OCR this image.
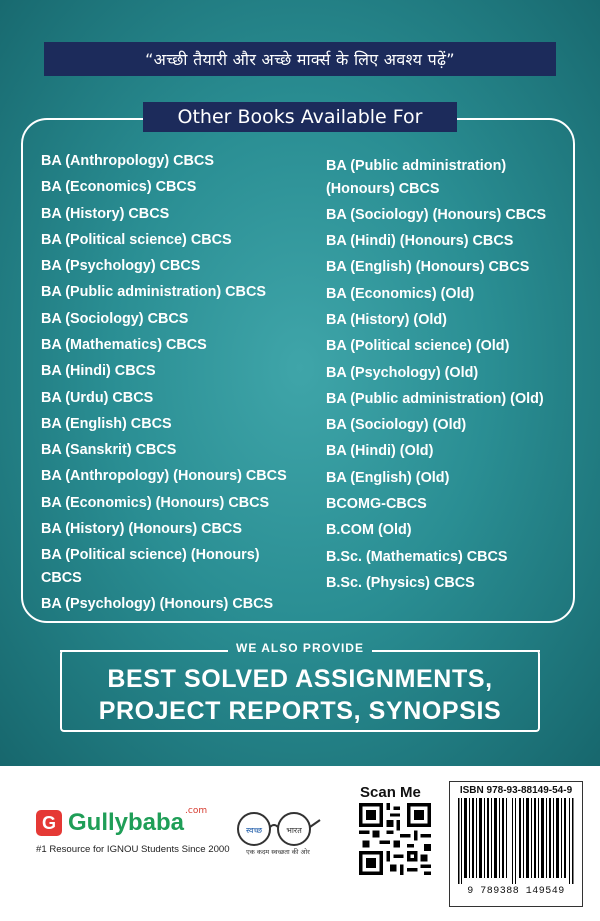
“अच्छी तैयारी और अच्छे मार्क्स के लिए अवश्य पढ़ें”
Other Books Available For
BA (Anthropology) CBCS
BA (Economics) CBCS
BA (History) CBCS
BA (Political science) CBCS
BA (Psychology) CBCS
BA (Public administration) CBCS
BA (Sociology) CBCS
BA (Mathematics) CBCS
BA (Hindi) CBCS
BA (Urdu) CBCS
BA (English) CBCS
BA (Sanskrit) CBCS
BA (Anthropology) (Honours) CBCS
BA (Economics) (Honours) CBCS
BA (History) (Honours) CBCS
BA (Political science) (Honours) CBCS
BA (Psychology) (Honours) CBCS
BA (Public administration) (Honours) CBCS
BA (Sociology) (Honours) CBCS
BA (Hindi) (Honours) CBCS
BA (English) (Honours) CBCS
BA (Economics) (Old)
BA (History) (Old)
BA (Political science) (Old)
BA (Psychology) (Old)
BA (Public administration) (Old)
BA (Sociology) (Old)
BA (Hindi) (Old)
BA (English) (Old)
BCOMG-CBCS
B.COM (Old)
B.Sc. (Mathematics) CBCS
B.Sc. (Physics) CBCS
WE ALSO PROVIDE
BEST SOLVED ASSIGNMENTS,
PROJECT REPORTS, SYNOPSIS
G Gullybaba .com
#1 Resource for IGNOU Students Since 2000
स्वच्छ	भारत
एक कदम स्वच्छता की ओर
Scan Me	ISBN 978-93-88149-54-9
9 789388 149549
